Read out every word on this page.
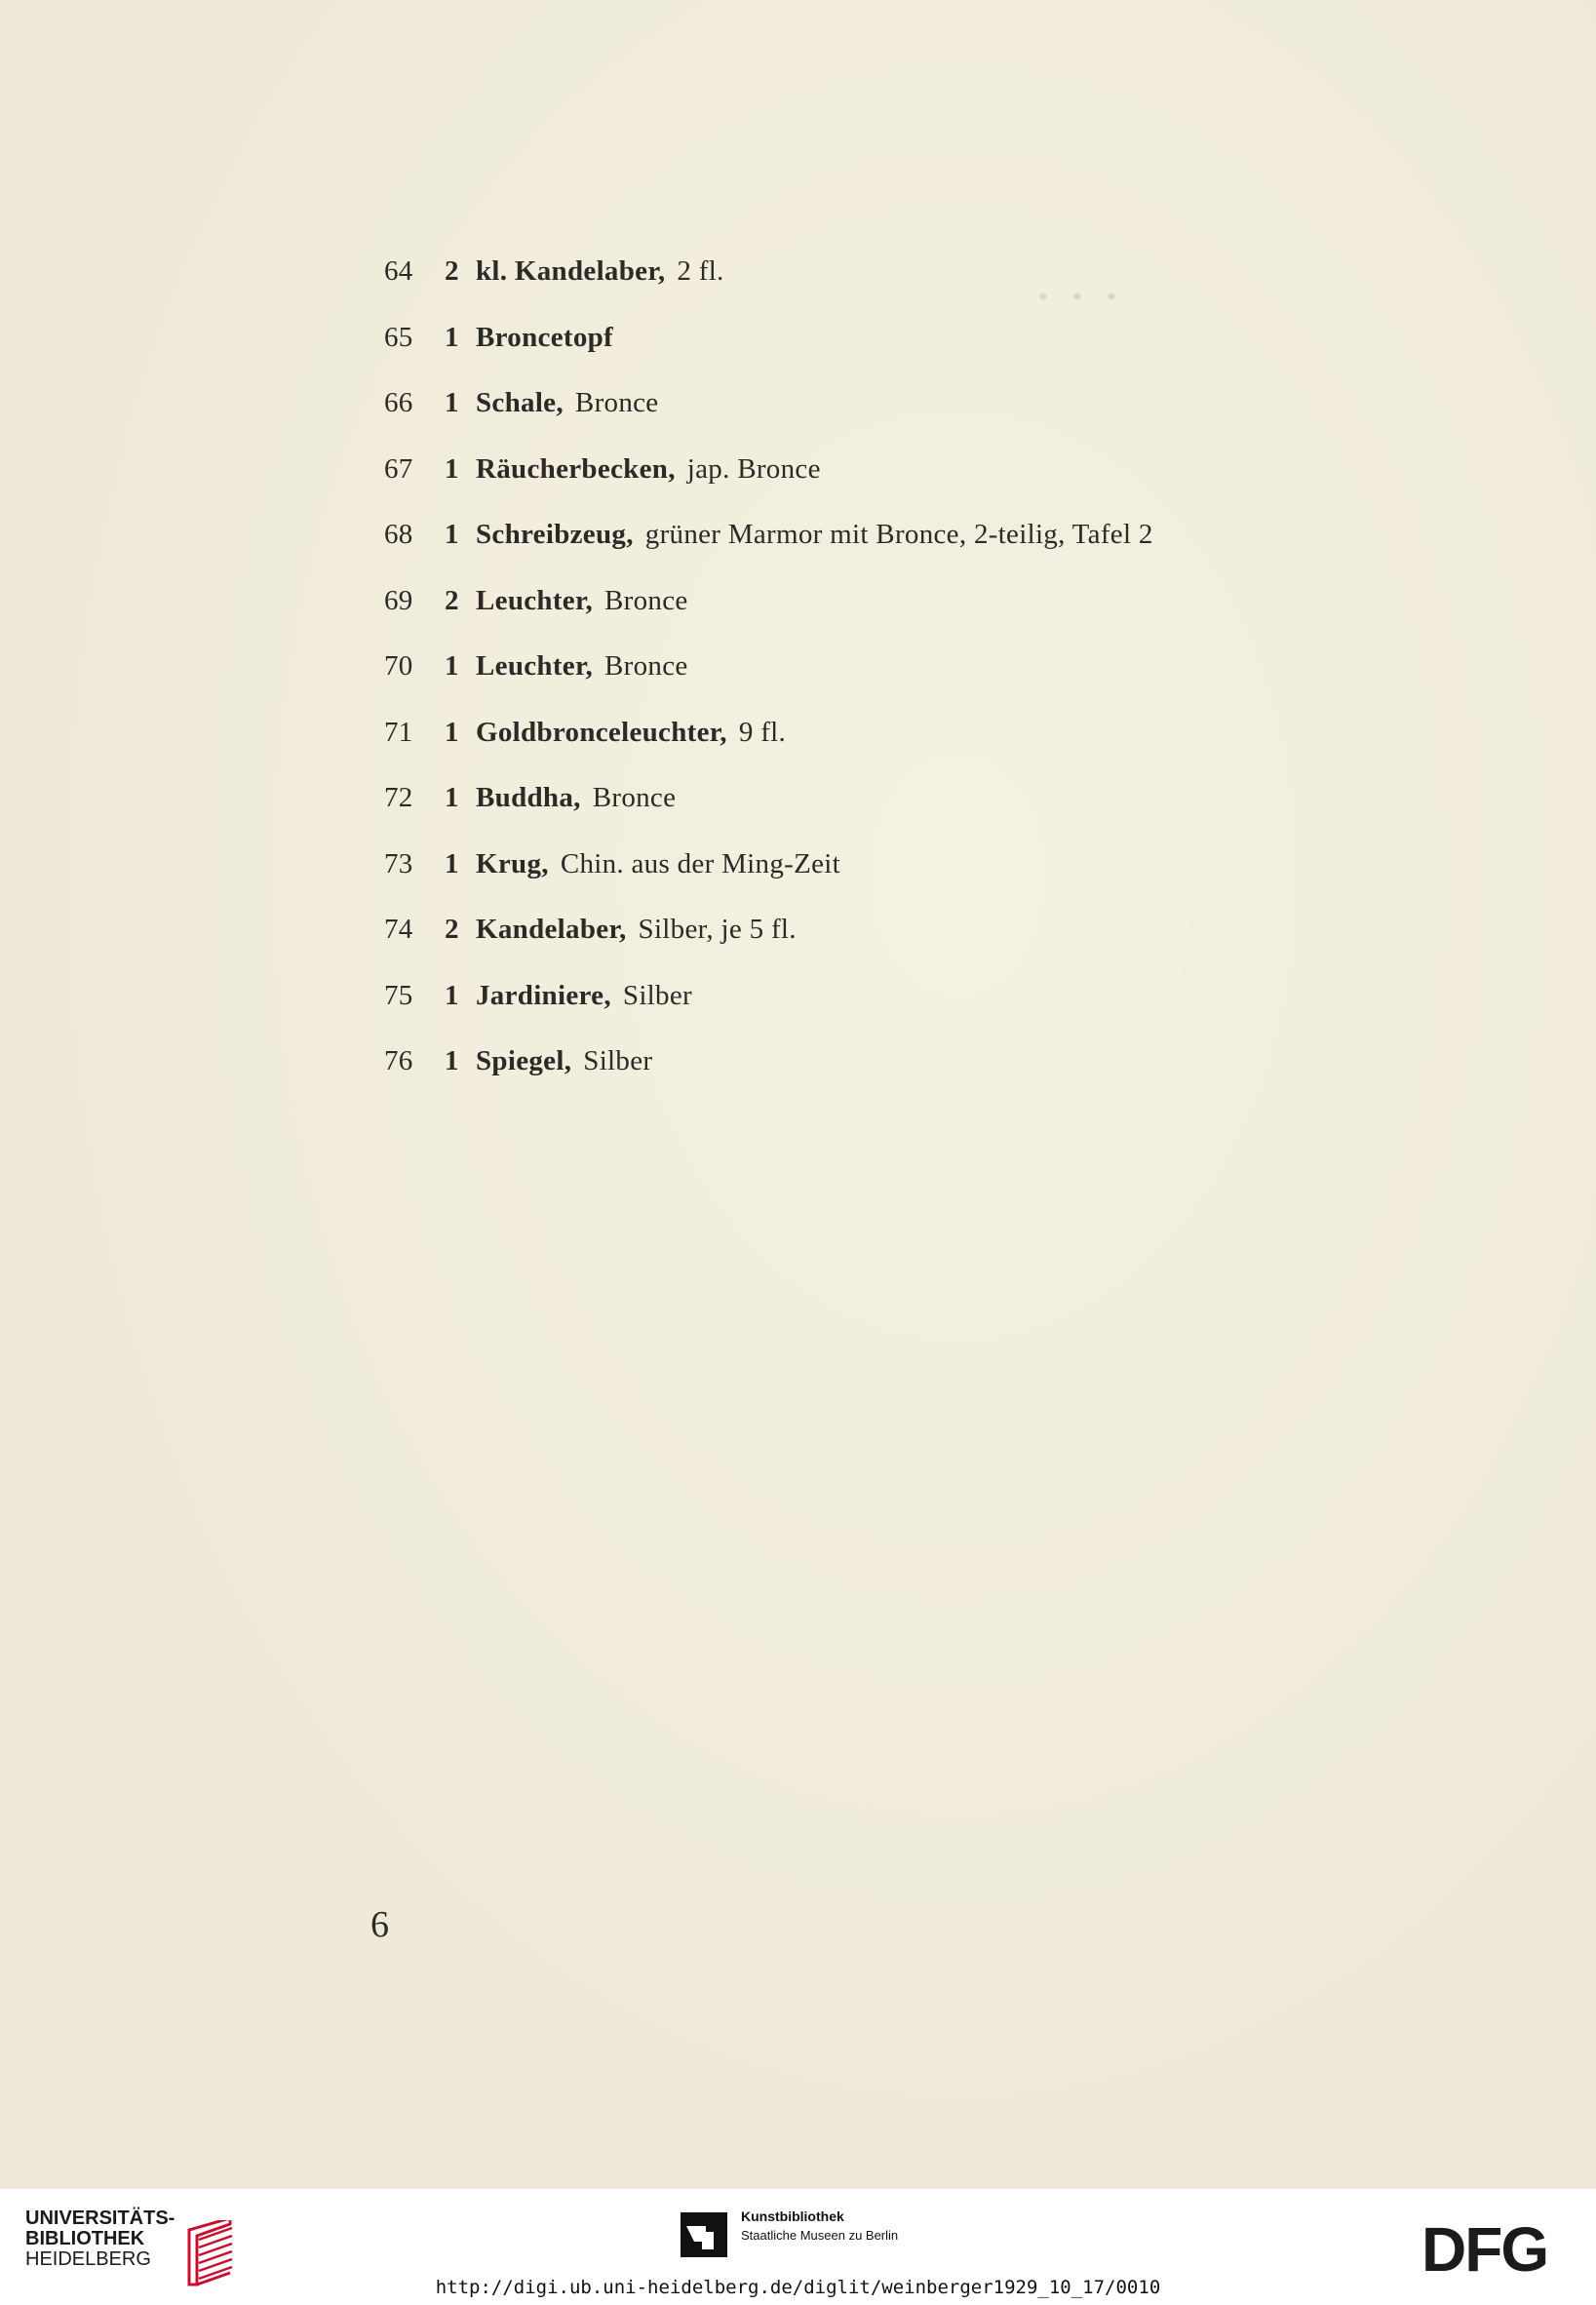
· · ·
64	2 kl. Kandelaber, 2 fl.
65	1 Broncetopf
66	1 Schale, Bronce
67	1 Räucherbecken, jap. Bronce
68	1 Schreibzeug, grüner Marmor mit Bronce, 2-teilig, Tafel 2
69	2 Leuchter, Bronce
70	1 Leuchter, Bronce
71	1 Goldbronceleuchter, 9 fl.
72	1 Buddha, Bronce
73	1 Krug, Chin. aus der Ming-Zeit
74	2 Kandelaber, Silber, je 5 fl.
75	1 Jardiniere, Silber
76	1 Spiegel, Silber
6
UNIVERSITÄTS-
BIBLIOTHEK
HEIDELBERG
Kunstbibliothek
Staatliche Museen zu Berlin	DFG
http://digi.ub.uni-heidelberg.de/diglit/weinberger1929_10_17/0010
